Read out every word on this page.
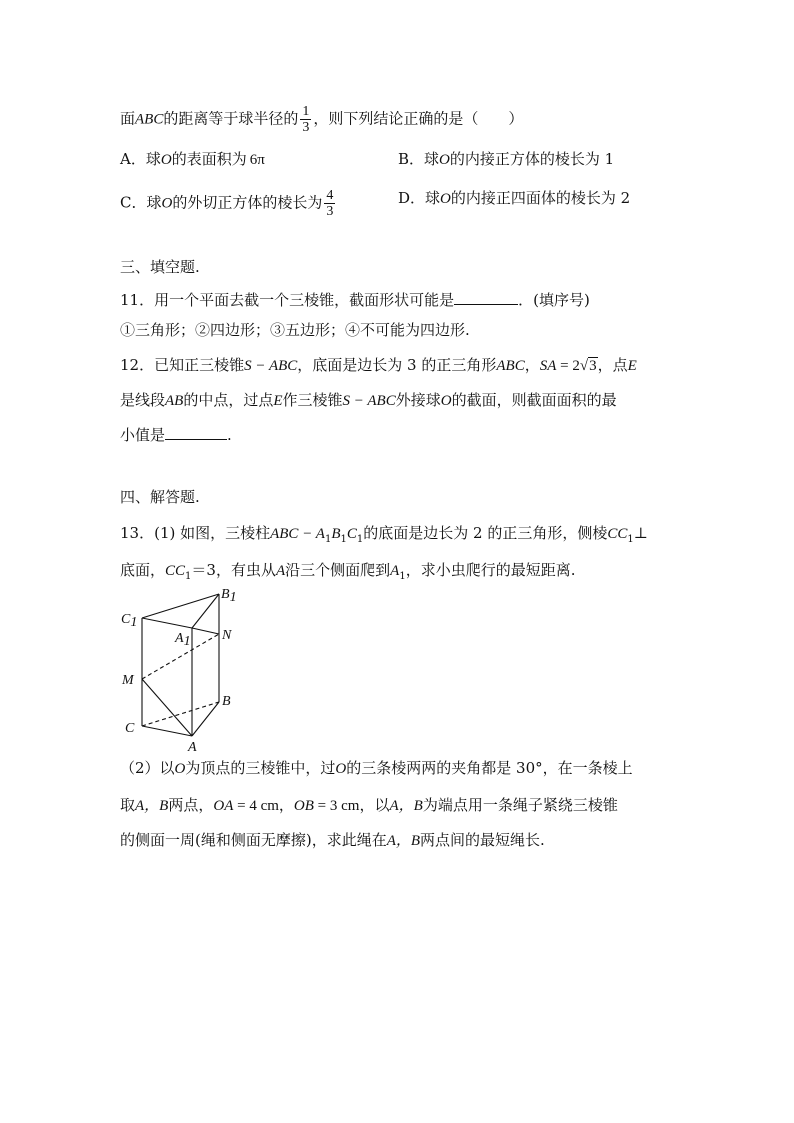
面ABC的距离等于球半径的 $\frac{1}{3}$ ，则下列结论正确的是（　　）
A．球O的表面积为 6π	B．球O的内接正方体的棱长为 1
C．球O的外切正方体的棱长为 $\frac{4}{3}$	D．球O的内接正四面体的棱长为 2
三、填空题.
11．用一个平面去截一个三棱锥，截面形状可能是	．(填序号)
①三角形；②四边形；③五边形；④不可能为四边形.
12．已知正三棱锥S − ABC，底面是边长为 3 的正三角形ABC，SA = 2√3，点E
是线段AB的中点，过点E作三棱锥S − ABC外接球O的截面，则截面面积的最
小值是	.
四、解答题.
13．(1) 如图，三棱柱ABC − $A_1B_1C_1$的底面是边长为 2 的正三角形，侧棱$CC_1\perp$
底面，$CC_1=3$，有虫从A沿三个侧面爬到$A_1$，求小虫爬行的最短距离.
B1
C1
A1 N
M
B
C
A
（2）以O为顶点的三棱锥中，过O的三条棱两两的夹角都是 30°，在一条棱上
取A，B两点，OA = 4 cm，OB = 3 cm，以A，B为端点用一条绳子紧绕三棱锥
的侧面一周(绳和侧面无摩擦)，求此绳在A，B两点间的最短绳长.
